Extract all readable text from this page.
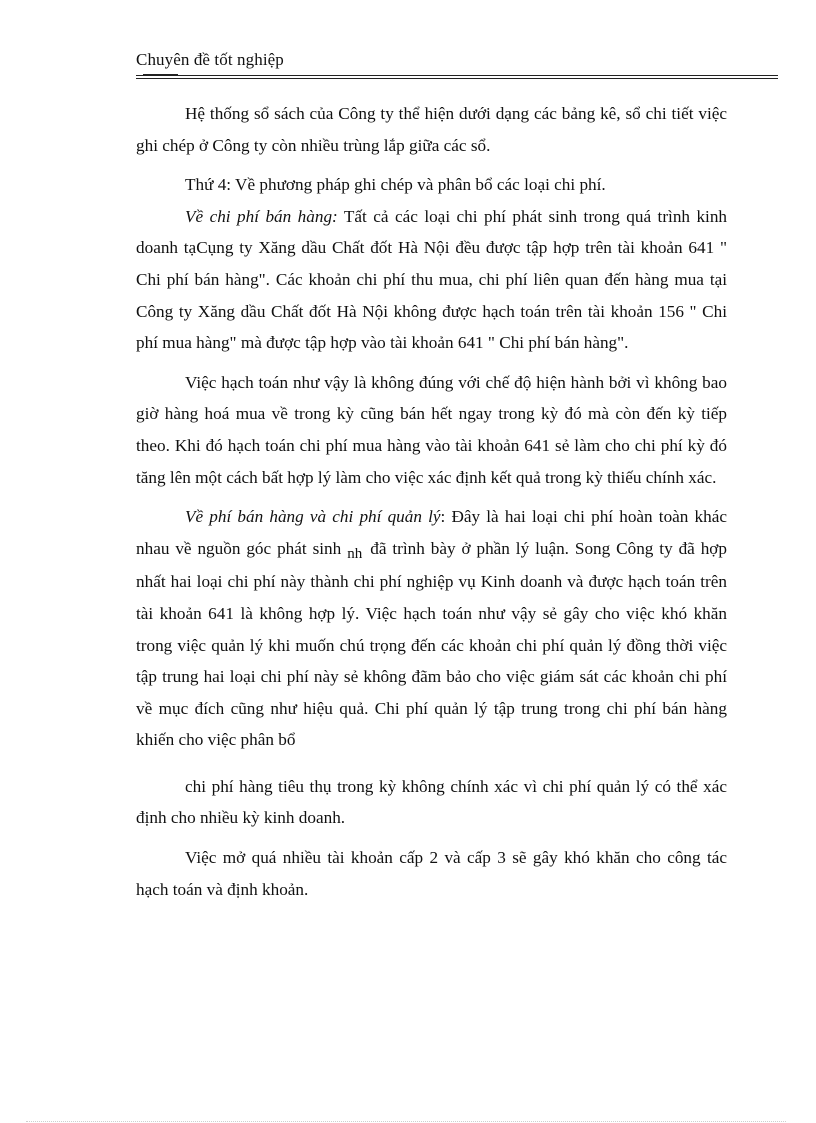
Chuyên đề tốt nghiệp

Hệ thống sổ sách của Công ty thể hiện dưới dạng các bảng kê, sổ chi tiết việc ghi chép ở Công ty còn nhiều trùng lắp giữa các sổ.

Thứ 4: Về phương pháp ghi chép và phân bổ các loại chi phí.

Về chi phí bán hàng: Tất cả các loại chi phí phát sinh trong quá trình kinh doanh tạCụng ty Xăng dầu Chất đốt Hà Nội đều được tập hợp trên tài khoản 641 " Chi phí bán hàng". Các khoản chi phí thu mua, chi phí liên quan đến hàng mua tại Công ty Xăng dầu Chất đốt Hà Nội không được hạch toán trên tài khoản 156 " Chi phí mua hàng" mà được tập hợp vào tài khoản 641 " Chi phí bán hàng".

Việc hạch toán như vậy là không đúng với chế độ hiện hành bởi vì không bao giờ hàng hoá mua về trong kỳ cũng bán hết ngay trong kỳ đó mà còn đến kỳ tiếp theo. Khi đó hạch toán chi phí mua hàng vào tài khoản 641 sẻ làm cho chi phí kỳ đó tăng lên một cách bất hợp lý làm cho việc xác định kết quả trong kỳ thiếu chính xác.

Về phí bán hàng và chi phí quản lý: Đây là hai loại chi phí hoàn toàn khác nhau về nguồn góc phát sinh nh đã trình bày ở phần lý luận. Song Công ty đã hợp nhất hai loại chi phí này thành chi phí nghiệp vụ Kinh doanh và được hạch toán trên tài khoản 641 là không hợp lý. Việc hạch toán như vậy sẻ gây cho việc khó khăn trong việc quản lý khi muốn chú trọng đến các khoản chi phí quản lý đồng thời việc tập trung hai loại chi phí này sẻ không đãm bảo cho việc giám sát các khoản chi phí về mục đích cũng như hiệu quả. Chi phí quản lý tập trung trong chi phí bán hàng khiến cho việc phân bổ

chi phí hàng tiêu thụ trong kỳ không chính xác vì chi phí quản lý có thể xác định cho nhiều kỳ kinh doanh.

Việc mở quá nhiều tài khoản cấp 2 và cấp 3 sẽ gây khó khăn cho công tác hạch toán và định khoản.
